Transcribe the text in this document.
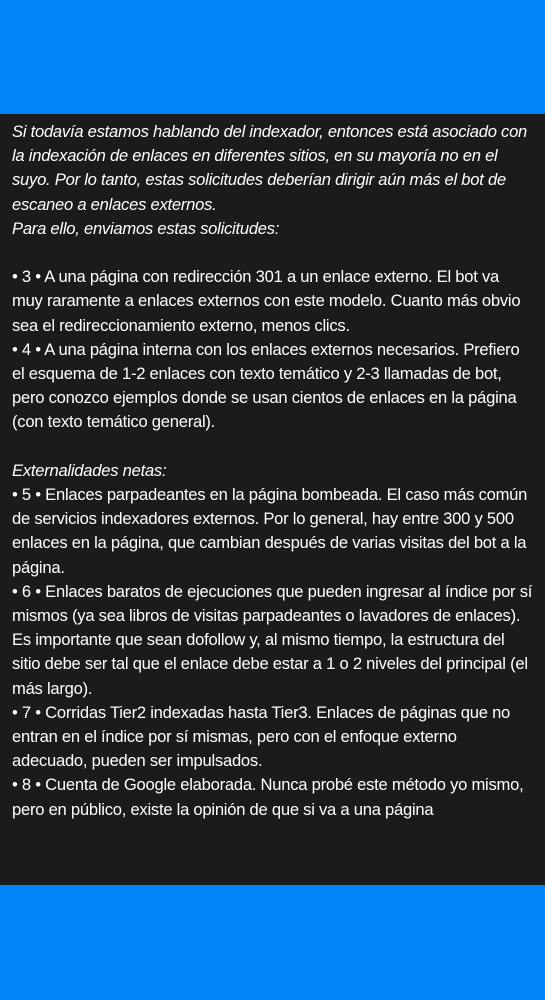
Si todavía estamos hablando del indexador, entonces está asociado con la indexación de enlaces en diferentes sitios, en su mayoría no en el suyo. Por lo tanto, estas solicitudes deberían dirigir aún más el bot de escaneo a enlaces externos.

Para ello, enviamos estas solicitudes:

• 3 • A una página con redirección 301 a un enlace externo. El bot va muy raramente a enlaces externos con este modelo. Cuanto más obvio sea el redireccionamiento externo, menos clics.

• 4 • A una página interna con los enlaces externos necesarios. Prefiero el esquema de 1-2 enlaces con texto temático y 2-3 llamadas de bot, pero conozco ejemplos donde se usan cientos de enlaces en la página (con texto temático general).

Externalidades netas:

• 5 • Enlaces parpadeantes en la página bombeada. El caso más común de servicios indexadores externos. Por lo general, hay entre 300 y 500 enlaces en la página, que cambian después de varias visitas del bot a la página.

• 6 • Enlaces baratos de ejecuciones que pueden ingresar al índice por sí mismos (ya sea libros de visitas parpadeantes o lavadores de enlaces). Es importante que sean dofollow y, al mismo tiempo, la estructura del sitio debe ser tal que el enlace debe estar a 1 o 2 niveles del principal (el más largo).

• 7 • Corridas Tier2 indexadas hasta Tier3. Enlaces de páginas que no entran en el índice por sí mismas, pero con el enfoque externo adecuado, pueden ser impulsados.

• 8 • Cuenta de Google elaborada. Nunca probé este método yo mismo, pero en público, existe la opinión de que si va a una página
